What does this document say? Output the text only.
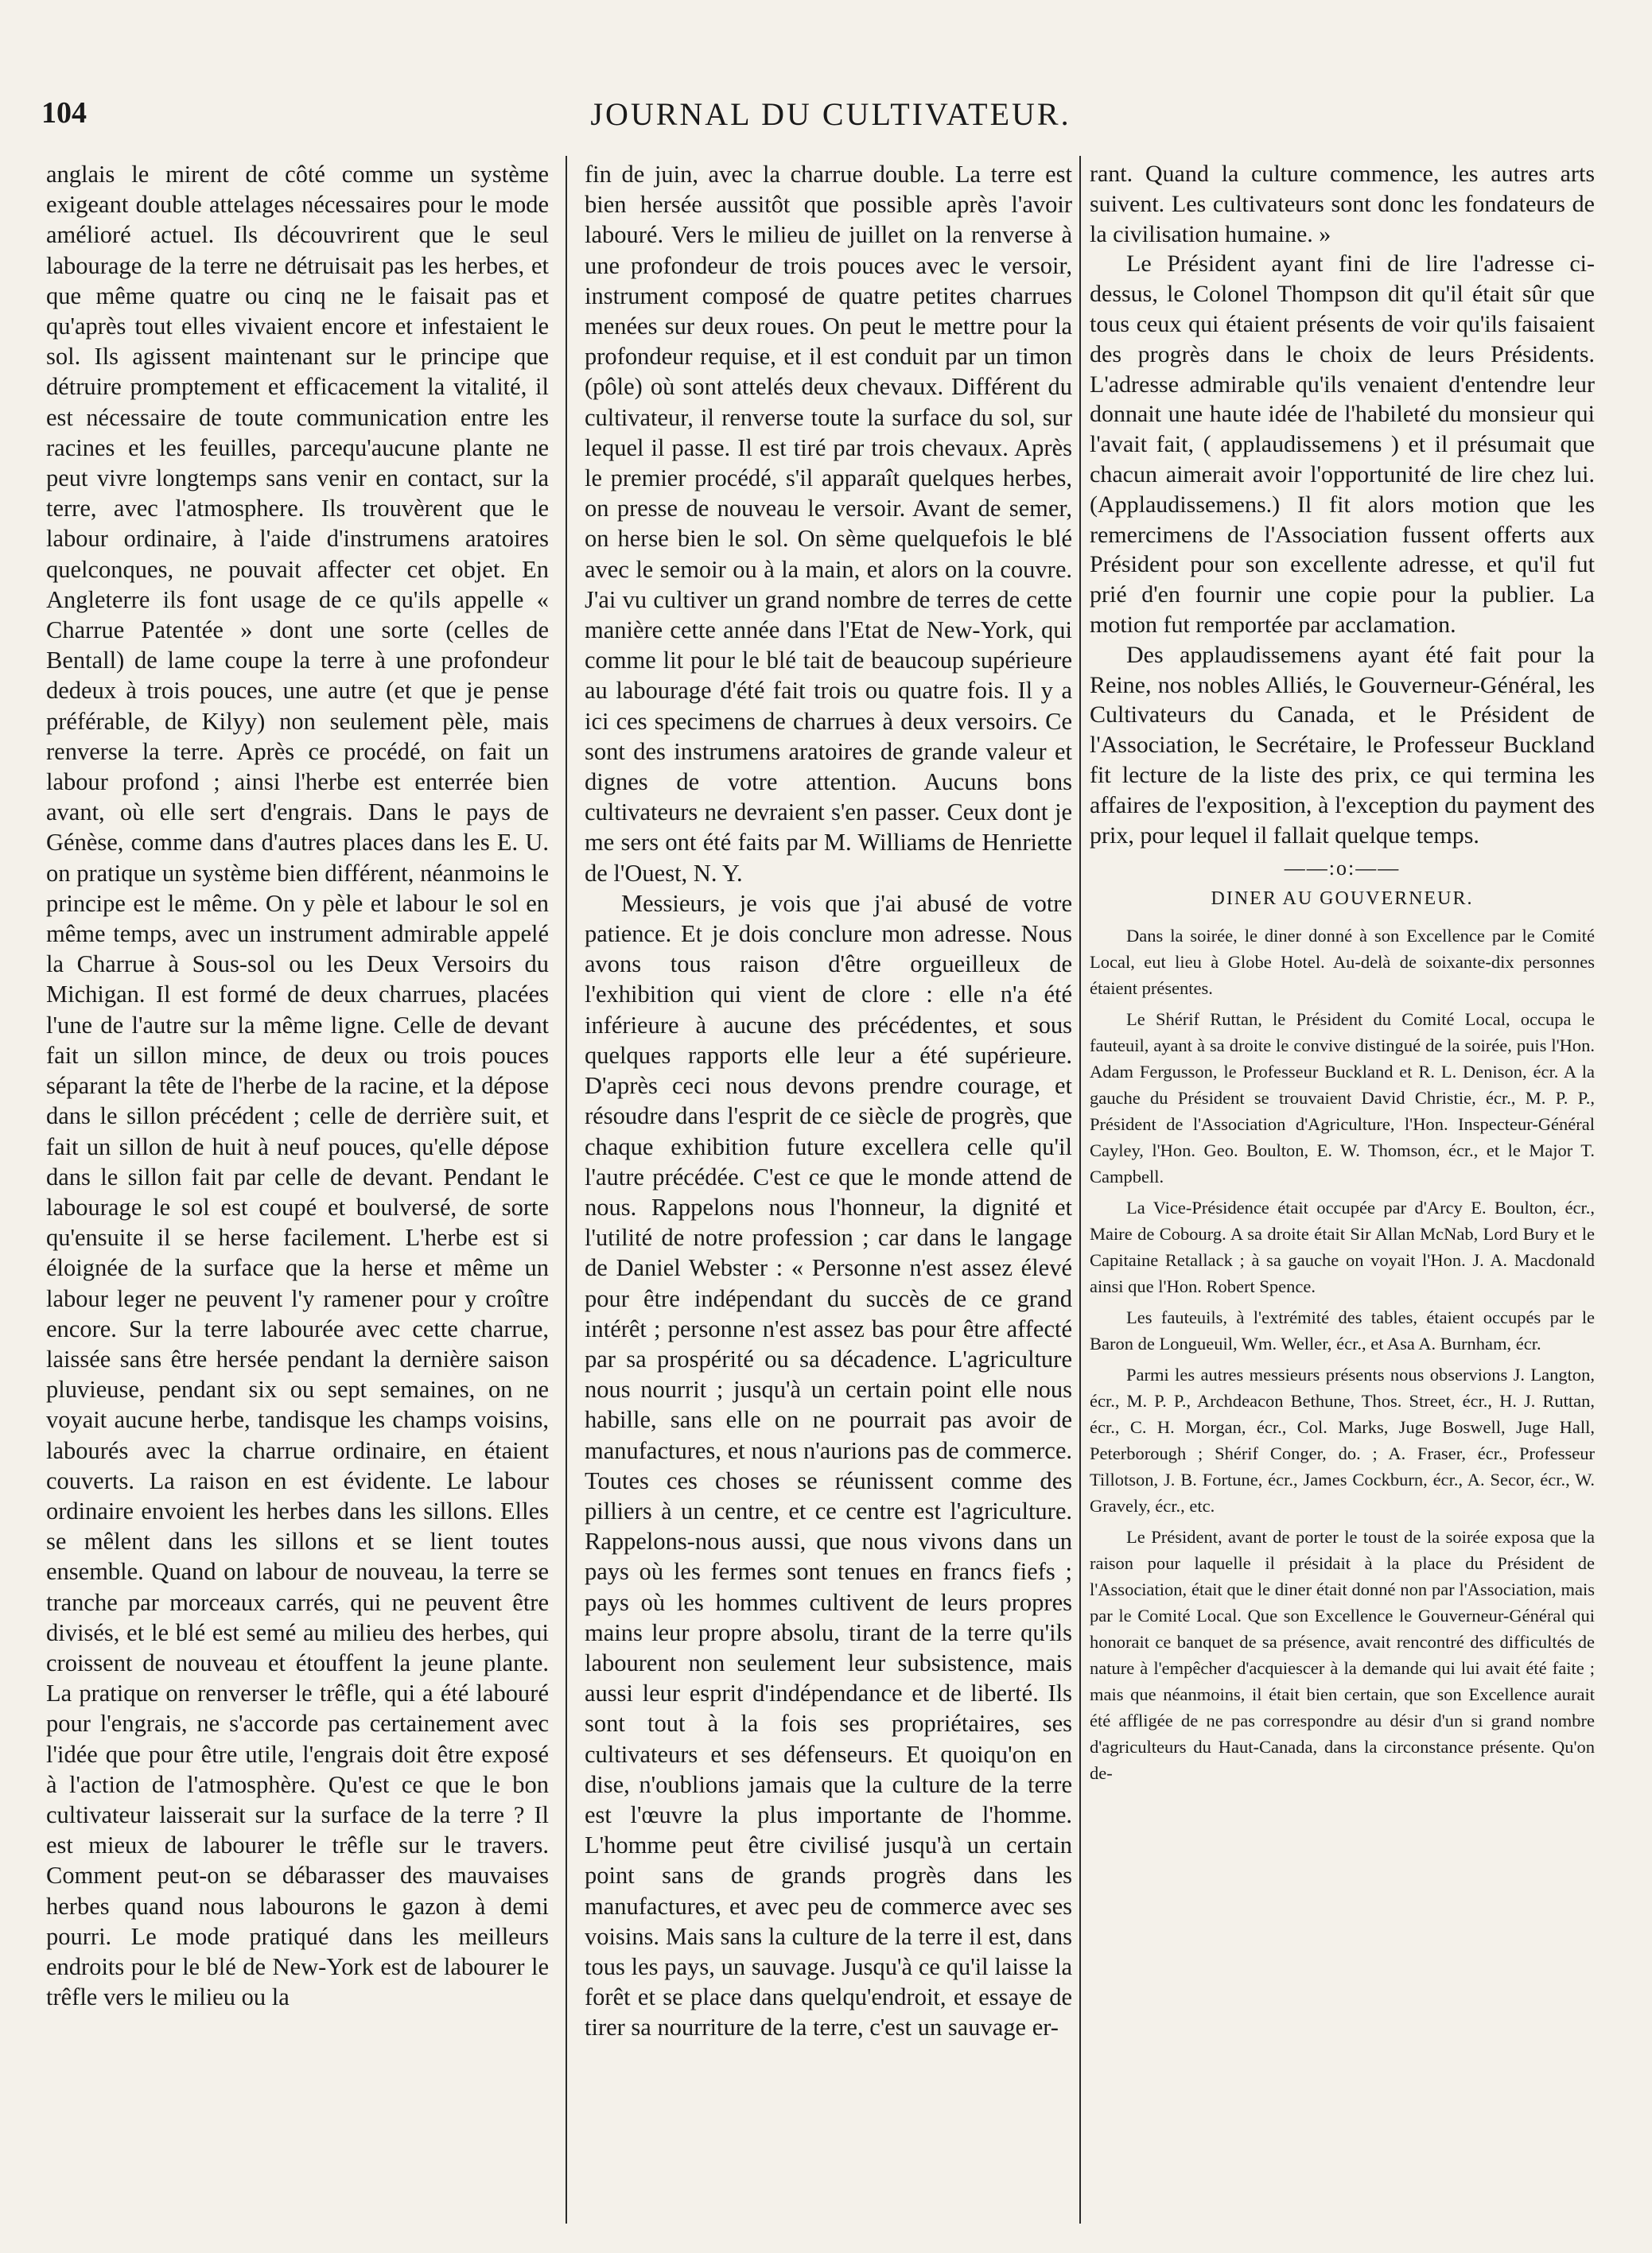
104	JOURNAL DU CULTIVATEUR.

anglais le mirent de côté comme un système exigeant double attelages nécessaires pour le mode amélioré actuel. Ils découvrirent que le seul labourage de la terre ne détruisait pas les herbes, et que même quatre ou cinq ne le faisait pas et qu'après tout elles vivaient encore et infestaient le sol. Ils agissent maintenant sur le principe que détruire promptement et efficacement la vitalité, il est nécessaire de toute communication entre les racines et les feuilles, parcequ'aucune plante ne peut vivre longtemps sans venir en contact, sur la terre, avec l'atmosphere. Ils trouvèrent que le labour ordinaire, à l'aide d'instrumens aratoires quelconques, ne pouvait affecter cet objet. En Angleterre ils font usage de ce qu'ils appelle « Charrue Patentée » dont une sorte (celles de Bentall) de lame coupe la terre à une profondeur dedeux à trois pouces, une autre (et que je pense préférable, de Kilyy) non seulement pèle, mais renverse la terre. Après ce procédé, on fait un labour profond ; ainsi l'herbe est enterrée bien avant, où elle sert d'engrais. Dans le pays de Génèse, comme dans d'autres places dans les E. U. on pratique un système bien différent, néanmoins le principe est le même. On y pèle et labour le sol en même temps, avec un instrument admirable appelé la Charrue à Sous-sol ou les Deux Versoirs du Michigan. Il est formé de deux charrues, placées l'une de l'autre sur la même ligne. Celle de devant fait un sillon mince, de deux ou trois pouces séparant la tête de l'herbe de la racine, et la dépose dans le sillon précédent ; celle de derrière suit, et fait un sillon de huit à neuf pouces, qu'elle dépose dans le sillon fait par celle de devant. Pendant le labourage le sol est coupé et boulversé, de sorte qu'ensuite il se herse facilement. L'herbe est si éloignée de la surface que la herse et même un labour leger ne peuvent l'y ramener pour y croître encore. Sur la terre labourée avec cette charrue, laissée sans être hersée pendant la dernière saison pluvieuse, pendant six ou sept semaines, on ne voyait aucune herbe, tandisque les champs voisins, labourés avec la charrue ordinaire, en étaient couverts. La raison en est évidente. Le labour ordinaire envoient les herbes dans les sillons. Elles se mêlent dans les sillons et se lient toutes ensemble. Quand on labour de nouveau, la terre se tranche par morceaux carrés, qui ne peuvent être divisés, et le blé est semé au milieu des herbes, qui croissent de nouveau et étouffent la jeune plante. La pratique on renverser le trêfle, qui a été labouré pour l'engrais, ne s'accorde pas certainement avec l'idée que pour être utile, l'engrais doit être exposé à l'action de l'atmosphère. Qu'est ce que le bon cultivateur laisserait sur la surface de la terre ? Il est mieux de labourer le trêfle sur le travers. Comment peut-on se débarasser des mauvaises herbes quand nous labourons le gazon à demi pourri. Le mode pratiqué dans les meilleurs endroits pour le blé de New-York est de labourer le trêfle vers le milieu ou la

fin de juin, avec la charrue double. La terre est bien hersée aussitôt que possible après l'avoir labouré. Vers le milieu de juillet on la renverse à une profondeur de trois pouces avec le versoir, instrument composé de quatre petites charrues menées sur deux roues. On peut le mettre pour la profondeur requise, et il est conduit par un timon (pôle) où sont attelés deux chevaux. Différent du cultivateur, il renverse toute la surface du sol, sur lequel il passe. Il est tiré par trois chevaux. Après le premier procédé, s'il apparaît quelques herbes, on presse de nouveau le versoir. Avant de semer, on herse bien le sol. On sème quelquefois le blé avec le semoir ou à la main, et alors on la couvre. J'ai vu cultiver un grand nombre de terres de cette manière cette année dans l'Etat de New-York, qui comme lit pour le blé tait de beaucoup supérieure au labourage d'été fait trois ou quatre fois. Il y a ici ces specimens de charrues à deux versoirs. Ce sont des instrumens aratoires de grande valeur et dignes de votre attention. Aucuns bons cultivateurs ne devraient s'en passer. Ceux dont je me sers ont été faits par M. Williams de Henriette de l'Ouest, N. Y.

Messieurs, je vois que j'ai abusé de votre patience. Et je dois conclure mon adresse. Nous avons tous raison d'être orgueilleux de l'exhibition qui vient de clore : elle n'a été inférieure à aucune des précédentes, et sous quelques rapports elle leur a été supérieure. D'après ceci nous devons prendre courage, et résoudre dans l'esprit de ce siècle de progrès, que chaque exhibition future excellera celle qu'il l'autre précédée. C'est ce que le monde attend de nous. Rappelons nous l'honneur, la dignité et l'utilité de notre profession ; car dans le langage de Daniel Webster : « Personne n'est assez élevé pour être indépendant du succès de ce grand intérêt ; personne n'est assez bas pour être affecté par sa prospérité ou sa décadence. L'agriculture nous nourrit ; jusqu'à un certain point elle nous habille, sans elle on ne pourrait pas avoir de manufactures, et nous n'aurions pas de commerce. Toutes ces choses se réunissent comme des pilliers à un centre, et ce centre est l'agriculture. Rappelons-nous aussi, que nous vivons dans un pays où les fermes sont tenues en francs fiefs ; pays où les hommes cultivent de leurs propres mains leur propre absolu, tirant de la terre qu'ils labourent non seulement leur subsistence, mais aussi leur esprit d'indépendance et de liberté. Ils sont tout à la fois ses propriétaires, ses cultivateurs et ses défenseurs. Et quoiqu'on en dise, n'oublions jamais que la culture de la terre est l'œuvre la plus importante de l'homme. L'homme peut être civilisé jusqu'à un certain point sans de grands progrès dans les manufactures, et avec peu de commerce avec ses voisins. Mais sans la culture de la terre il est, dans tous les pays, un sauvage. Jusqu'à ce qu'il laisse la forêt et se place dans quelqu'endroit, et essaye de tirer sa nourriture de la terre, c'est un sauvage er-

rant. Quand la culture commence, les autres arts suivent. Les cultivateurs sont donc les fondateurs de la civilisation humaine. »

Le Président ayant fini de lire l'adresse ci-dessus, le Colonel Thompson dit qu'il était sûr que tous ceux qui étaient présents de voir qu'ils faisaient des progrès dans le choix de leurs Présidents. L'adresse admirable qu'ils venaient d'entendre leur donnait une haute idée de l'habileté du monsieur qui l'avait fait, ( applaudissemens ) et il présumait que chacun aimerait avoir l'opportunité de lire chez lui. (Applaudissemens.) Il fit alors motion que les remercimens de l'Association fussent offerts aux Président pour son excellente adresse, et qu'il fut prié d'en fournir une copie pour la publier. La motion fut remportée par acclamation.

Des applaudissemens ayant été fait pour la Reine, nos nobles Alliés, le Gouverneur-Général, les Cultivateurs du Canada, et le Président de l'Association, le Secrétaire, le Professeur Buckland fit lecture de la liste des prix, ce qui termina les affaires de l'exposition, à l'exception du payment des prix, pour lequel il fallait quelque temps.

——:o:——
DINER AU GOUVERNEUR.

Dans la soirée, le diner donné à son Excellence par le Comité Local, eut lieu à Globe Hotel. Au-delà de soixante-dix personnes étaient présentes.

Le Shérif Ruttan, le Président du Comité Local, occupa le fauteuil, ayant à sa droite le convive distingué de la soirée, puis l'Hon. Adam Fergusson, le Professeur Buckland et R. L. Denison, écr. A la gauche du Président se trouvaient David Christie, écr., M. P. P., Président de l'Association d'Agriculture, l'Hon. Inspecteur-Général Cayley, l'Hon. Geo. Boulton, E. W. Thomson, écr., et le Major T. Campbell.

La Vice-Présidence était occupée par d'Arcy E. Boulton, écr., Maire de Cobourg. A sa droite était Sir Allan McNab, Lord Bury et le Capitaine Retallack ; à sa gauche on voyait l'Hon. J. A. Macdonald ainsi que l'Hon. Robert Spence.

Les fauteuils, à l'extrémité des tables, étaient occupés par le Baron de Longueuil, Wm. Weller, écr., et Asa A. Burnham, écr.

Parmi les autres messieurs présents nous observions J. Langton, écr., M. P. P., Archdeacon Bethune, Thos. Street, écr., H. J. Ruttan, écr., C. H. Morgan, écr., Col. Marks, Juge Boswell, Juge Hall, Peterborough ; Shérif Conger, do. ; A. Fraser, écr., Professeur Tillotson, J. B. Fortune, écr., James Cockburn, écr., A. Secor, écr., W. Gravely, écr., etc.

Le Président, avant de porter le toust de la soirée exposa que la raison pour laquelle il présidait à la place du Président de l'Association, était que le diner était donné non par l'Association, mais par le Comité Local. Que son Excellence le Gouverneur-Général qui honorait ce banquet de sa présence, avait rencontré des difficultés de nature à l'empêcher d'acquiescer à la demande qui lui avait été faite ; mais que néanmoins, il était bien certain, que son Excellence aurait été affligée de ne pas correspondre au désir d'un si grand nombre d'agriculteurs du Haut-Canada, dans la circonstance présente. Qu'on de-
